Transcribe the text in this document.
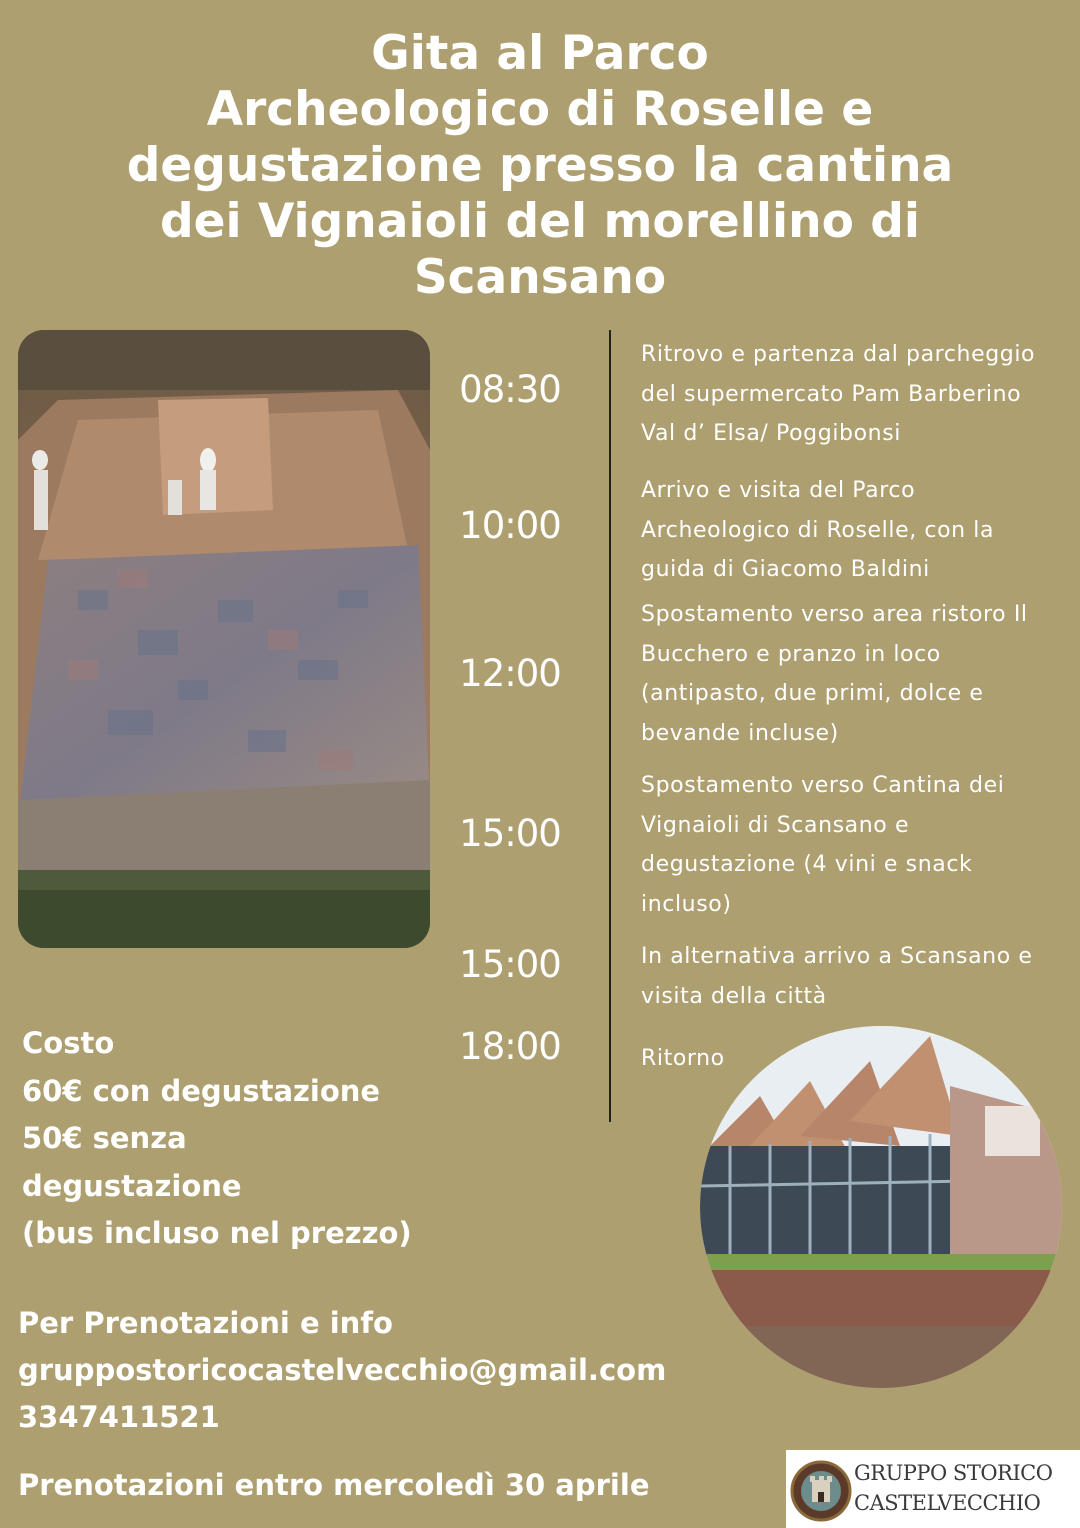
Gita al Parco
Archeologico di Roselle e
degustazione presso la cantina
dei Vignaioli del morellino di
Scansano
08:30
10:00
12:00
15:00
15:00
18:00
Ritrovo e partenza dal parcheggio del supermercato Pam Barberino Val d’ Elsa/ Poggibonsi
Arrivo e visita del Parco Archeologico di Roselle, con la guida di Giacomo Baldini
Spostamento verso area ristoro Il Bucchero e pranzo in loco (antipasto, due primi, dolce e bevande incluse)
Spostamento verso Cantina dei Vignaioli di Scansano e degustazione (4 vini e snack incluso)
In alternativa arrivo a Scansano e visita della città
Ritorno
Costo
60€ con degustazione
50€ senza
degustazione
(bus incluso nel prezzo)
Per Prenotazioni e info
gruppostoricocastelvecchio@gmail.com
3347411521
Prenotazioni entro mercoledì 30 aprile	GRUPPO STORICO
CASTELVECCHIO
